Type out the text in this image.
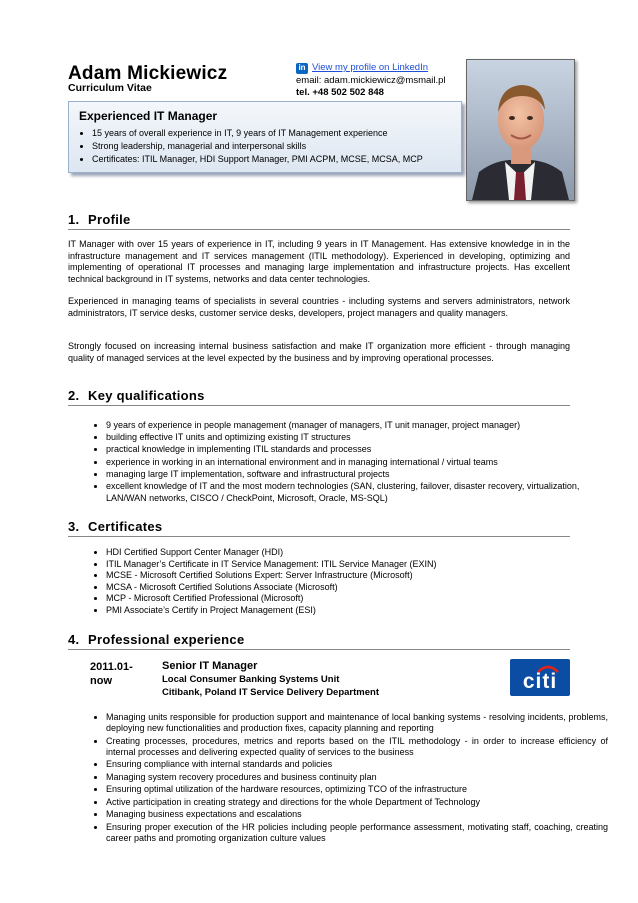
Adam Mickiewicz
Curriculum Vitae
in View my profile on LinkedIn
email: adam.mickiewicz@msmail.pl
tel. +48 502 502 848
Experienced IT Manager
• 15 years of overall experience in IT, 9 years of IT Management experience
• Strong leadership, managerial and interpersonal skills
• Certificates: ITIL Manager, HDI Support Manager, PMI ACPM, MCSE, MCSA, MCP
1. Profile

IT Manager with over 15 years of experience in IT, including 9 years in IT Management. Has extensive knowledge in in the infrastructure management and IT services management (ITIL methodology). Experienced in developing, optimizing and implementing of operational IT processes and managing large implementation and infrastructure projects. Has excellent technical background in IT systems, networks and data center technologies.

Experienced in managing teams of specialists in several countries - including systems and servers administrators, network administrators, IT service desks, customer service desks, developers, project managers and quality managers.

Strongly focused on increasing internal business satisfaction and make IT organization more efficient - through managing quality of managed services at the level expected by the business and by improving operational processes.

2. Key qualifications
• 9 years of experience in people management (manager of managers, IT unit manager, project manager)
• building effective IT units and optimizing existing IT structures
• practical knowledge in implementing ITIL standards and processes
• experience in working in an international environment and in managing international / virtual teams
• managing large IT implementation, software and infrastructural projects
• excellent knowledge of IT and the most modern technologies (SAN, clustering, failover, disaster recovery, virtualization, LAN/WAN networks, CISCO / CheckPoint, Microsoft, Oracle, MS-SQL)
3. Certificates
• HDI Certified Support Center Manager (HDI)
• ITIL Manager’s Certificate in IT Service Management: ITIL Service Manager (EXIN)
• MCSE - Microsoft Certified Solutions Expert: Server Infrastructure (Microsoft)
• MCSA - Microsoft Certified Solutions Associate (Microsoft)
• MCP - Microsoft Certified Professional (Microsoft)
• PMI Associate’s Certify in Project Management (ESI)
4. Professional experience
2011.01-
now
Senior IT Manager
Local Consumer Banking Systems Unit
Citibank, Poland IT Service Delivery Department	citi
• Managing units responsible for production support and maintenance of local banking systems - resolving incidents, problems, deploying new functionalities and production fixes, capacity planning and reporting
• Creating processes, procedures, metrics and reports based on the ITIL methodology - in order to increase efficiency of internal processes and delivering expected quality of services to the business
• Ensuring compliance with internal standards and policies
• Managing system recovery procedures and business continuity plan
• Ensuring optimal utilization of the hardware resources, optimizing TCO of the infrastructure
• Active participation in creating strategy and directions for the whole Department of Technology
• Managing business expectations and escalations
• Ensuring proper execution of the HR policies including people performance assessment, motivating staff, coaching, creating career paths and promoting organization culture values
